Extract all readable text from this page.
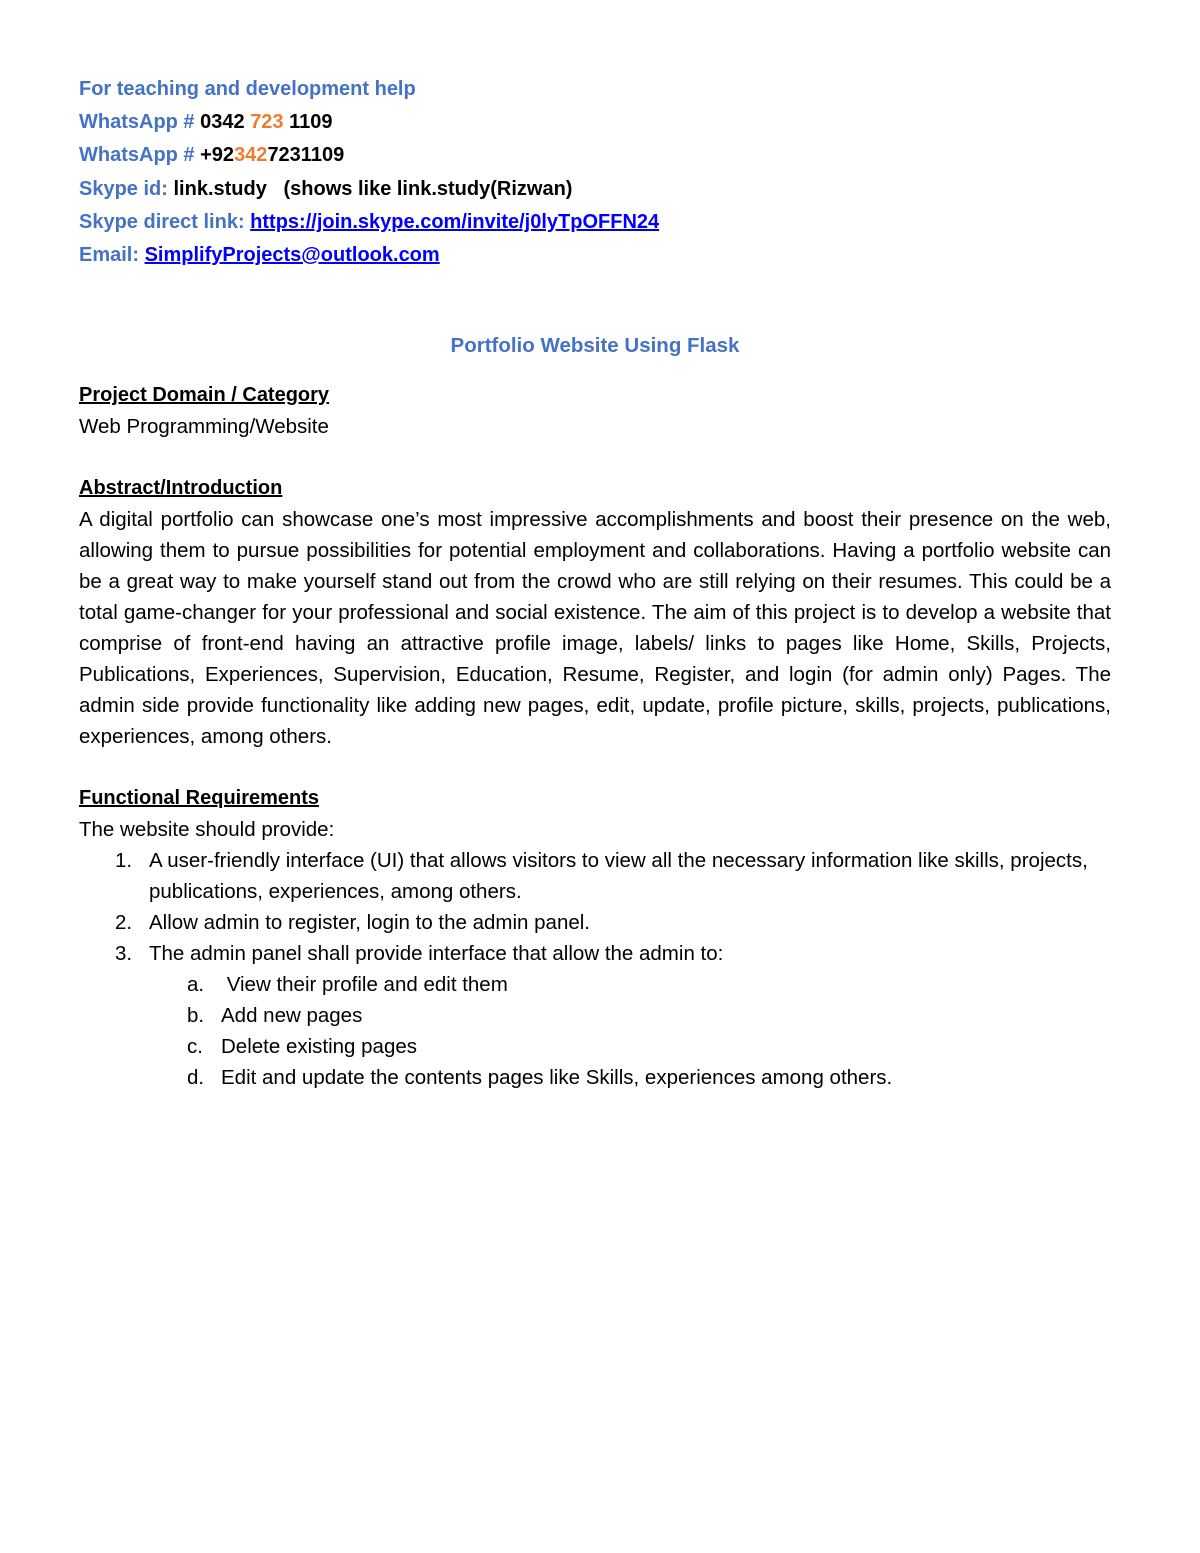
For teaching and development help
WhatsApp # 0342 723 1109
WhatsApp # +923427231109
Skype id: link.study   (shows like link.study(Rizwan)
Skype direct link: https://join.skype.com/invite/j0lyTpOFFN24
Email: SimplifyProjects@outlook.com
Portfolio Website Using Flask

Project Domain / Category

Web Programming/Website

Abstract/Introduction

A digital portfolio can showcase one’s most impressive accomplishments and boost their presence on the web, allowing them to pursue possibilities for potential employment and collaborations. Having a portfolio website can be a great way to make yourself stand out from the crowd who are still relying on their resumes. This could be a total game-changer for your professional and social existence. The aim of this project is to develop a website that comprise of front-end having an attractive profile image, labels/ links to pages like Home, Skills, Projects, Publications, Experiences, Supervision, Education, Resume, Register, and login (for admin only) Pages. The admin side provide functionality like adding new pages, edit, update, profile picture, skills, projects, publications, experiences, among others.

Functional Requirements

The website should provide:

1. A user-friendly interface (UI) that allows visitors to view all the necessary information like skills, projects, publications, experiences, among others.
2. Allow admin to register, login to the admin panel.
3. The admin panel shall provide interface that allow the admin to:
a. View their profile and edit them
b. Add new pages
c. Delete existing pages
d. Edit and update the contents pages like Skills, experiences among others.
